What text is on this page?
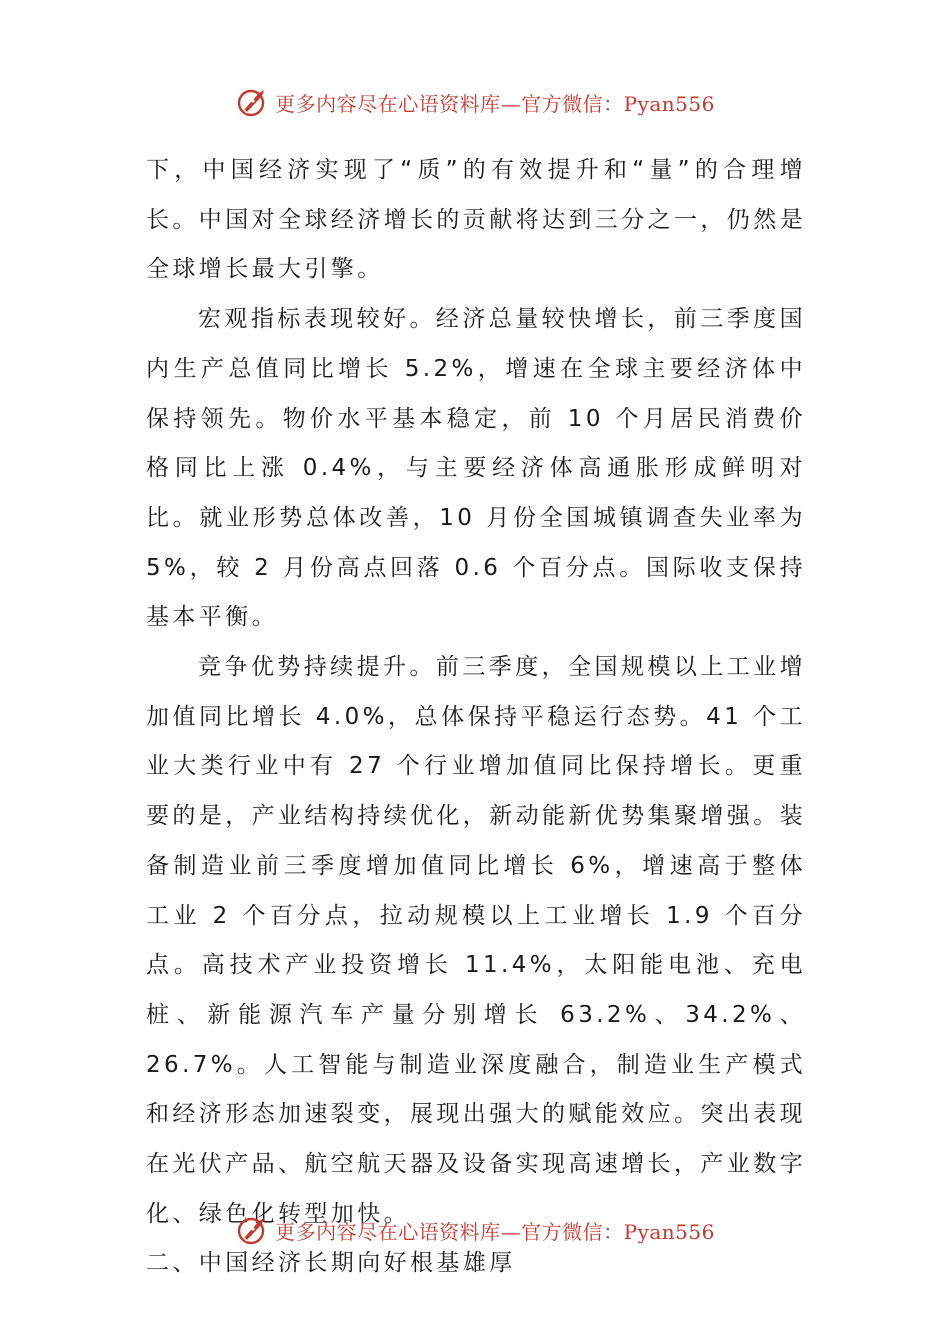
更多内容尽在心语资料库—官方微信：Pyan556

下，中国经济实现了“质”的有效提升和“量”的合理增长。中国对全球经济增长的贡献将达到三分之一，仍然是全球增长最大引擎。

宏观指标表现较好。经济总量较快增长，前三季度国内生产总值同比增长 5.2%，增速在全球主要经济体中保持领先。物价水平基本稳定，前 10 个月居民消费价格同比上涨 0.4%，与主要经济体高通胀形成鲜明对比。就业形势总体改善，10 月份全国城镇调查失业率为 5%，较 2 月份高点回落 0.6 个百分点。国际收支保持基本平衡。

竞争优势持续提升。前三季度，全国规模以上工业增加值同比增长 4.0%，总体保持平稳运行态势。41 个工业大类行业中有 27 个行业增加值同比保持增长。更重要的是，产业结构持续优化，新动能新优势集聚增强。装备制造业前三季度增加值同比增长 6%，增速高于整体工业 2 个百分点，拉动规模以上工业增长 1.9 个百分点。高技术产业投资增长 11.4%，太阳能电池、充电桩、新能源汽车产量分别增长 63.2%、34.2%、26.7%。人工智能与制造业深度融合，制造业生产模式和经济形态加速裂变，展现出强大的赋能效应。突出表现在光伏产品、航空航天器及设备实现高速增长，产业数字化、绿色化转型加快。

二、中国经济长期向好根基雄厚

更多内容尽在心语资料库—官方微信：Pyan556
